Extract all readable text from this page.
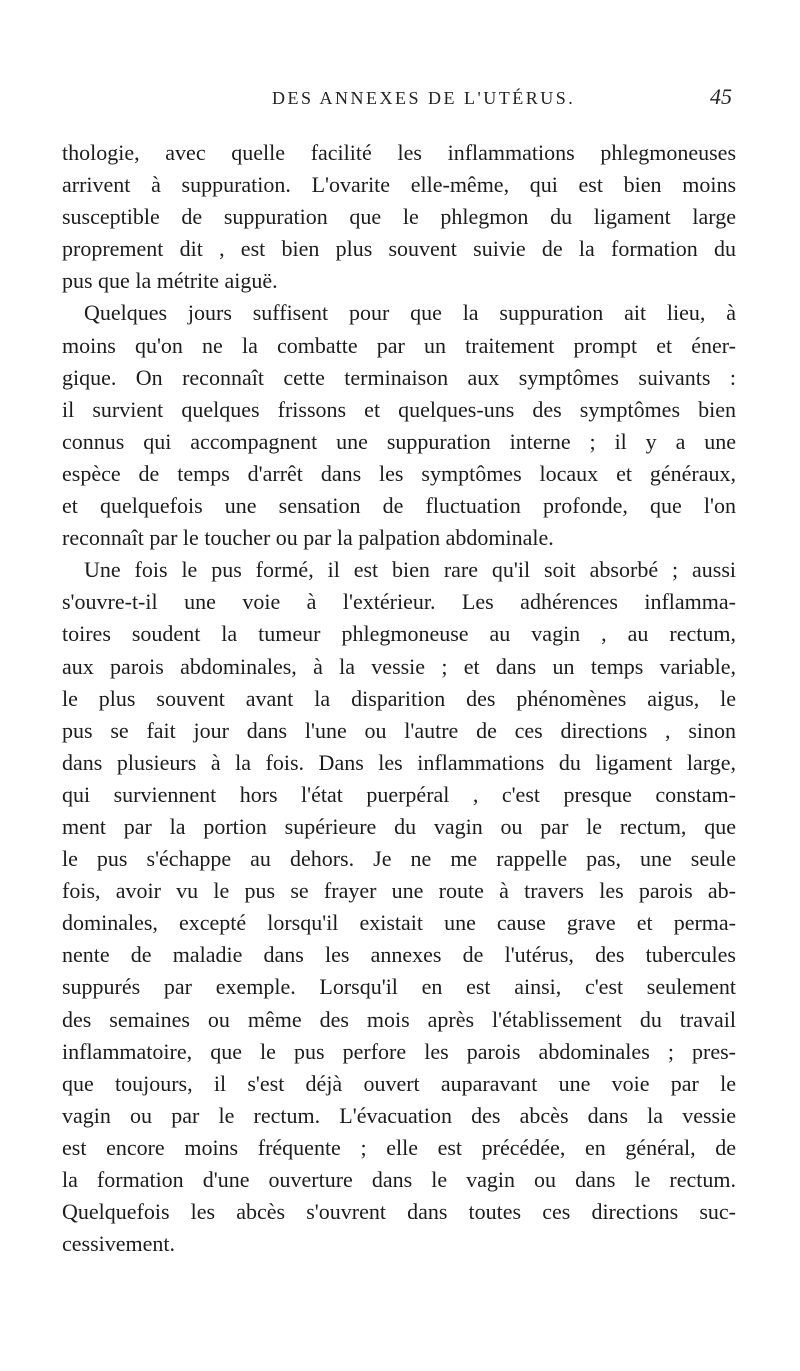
DES ANNEXES DE L'UTÉRUS.	45
thologie, avec quelle facilité les inflammations phlegmoneuses
arrivent à suppuration. L'ovarite elle-même, qui est bien moins
susceptible de suppuration que le phlegmon du ligament large
proprement dit , est bien plus souvent suivie de la formation du
pus que la métrite aiguë.
Quelques jours suffisent pour que la suppuration ait lieu, à
moins qu'on ne la combatte par un traitement prompt et éner-
gique. On reconnaît cette terminaison aux symptômes suivants :
il survient quelques frissons et quelques-uns des symptômes bien
connus qui accompagnent une suppuration interne ; il y a une
espèce de temps d'arrêt dans les symptômes locaux et généraux,
et quelquefois une sensation de fluctuation profonde, que l'on
reconnaît par le toucher ou par la palpation abdominale.
Une fois le pus formé, il est bien rare qu'il soit absorbé ; aussi
s'ouvre-t-il une voie à l'extérieur. Les adhérences inflamma-
toires soudent la tumeur phlegmoneuse au vagin , au rectum,
aux parois abdominales, à la vessie ; et dans un temps variable,
le plus souvent avant la disparition des phénomènes aigus, le
pus se fait jour dans l'une ou l'autre de ces directions , sinon
dans plusieurs à la fois. Dans les inflammations du ligament large,
qui surviennent hors l'état puerpéral , c'est presque constam-
ment par la portion supérieure du vagin ou par le rectum, que
le pus s'échappe au dehors. Je ne me rappelle pas, une seule
fois, avoir vu le pus se frayer une route à travers les parois ab-
dominales, excepté lorsqu'il existait une cause grave et perma-
nente de maladie dans les annexes de l'utérus, des tubercules
suppurés par exemple. Lorsqu'il en est ainsi, c'est seulement
des semaines ou même des mois après l'établissement du travail
inflammatoire, que le pus perfore les parois abdominales ; pres-
que toujours, il s'est déjà ouvert auparavant une voie par le
vagin ou par le rectum. L'évacuation des abcès dans la vessie
est encore moins fréquente ; elle est précédée, en général, de
la formation d'une ouverture dans le vagin ou dans le rectum.
Quelquefois les abcès s'ouvrent dans toutes ces directions suc-
cessivement.
